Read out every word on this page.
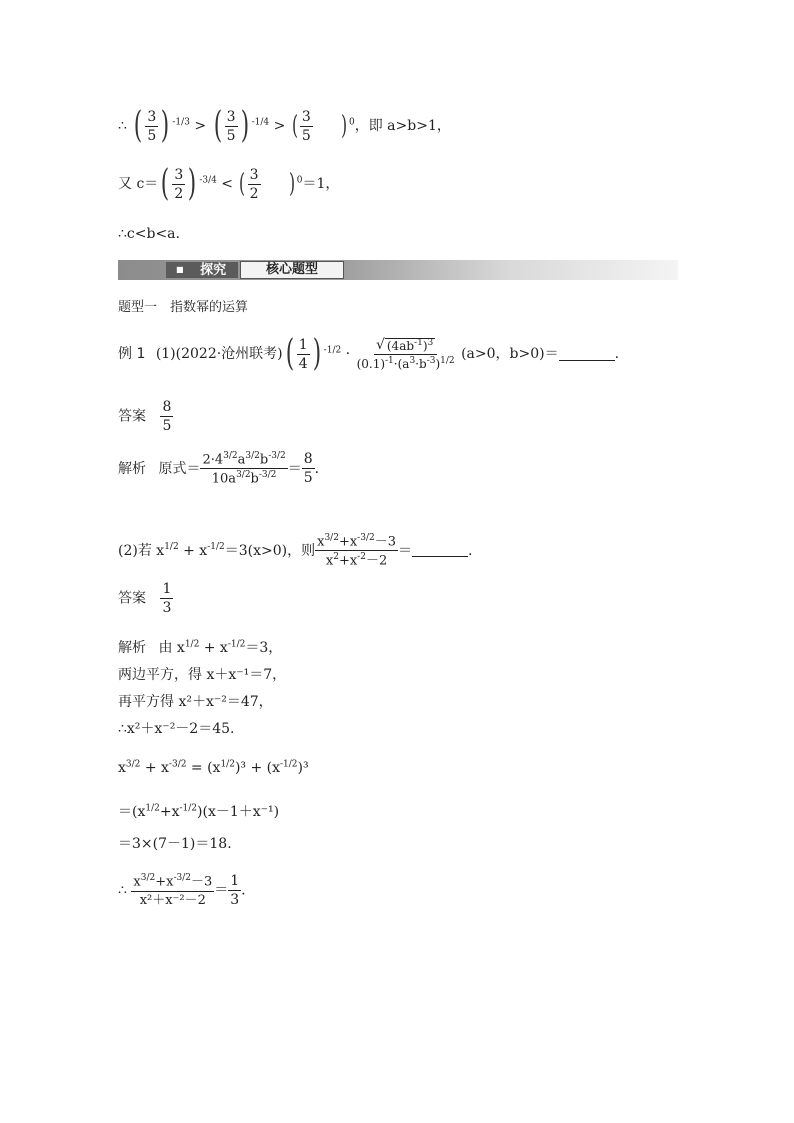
∴ ( $\frac{3}{5}$ ) $^{-1/3}$ > ( $\frac{3}{5}$ ) $^{-1/4}$ > ( $\frac{3}{5}$ ) $^0$，即 a>b>1，
又 $c=( \frac{3}{2}$ ) $^{-3/4}$ < ( $\frac{3}{2}$ ) $^0$＝1，
∴c<b<a.
■ 探究	核心题型
题型一　指数幂的运算
例 1 (1)(2022·沧州联考)( $\frac{1}{4}$ ) $^{-1/2} \cdot \frac{√ (4ab^{-1})^3}{(0.1)^{-1}\cdot(a^3\cdot b^{-3})^{1/2}} (a>0$，b>0)＝	.
答案 $\frac{8}{5}$
解析 原式＝ $\frac{2\cdot 4^{3/2}a^{3/2}b^{-3/2}}{10a^{3/2}b^{-3/2}} = \frac{8}{5}$ .
(2)若 $x^{1/2} + x^{-1/2}=3(x>0)$，则 $\frac{x^{3/2}+x^{-3/2}-3}{x^2+x^{-2}-2}$ ＝	.
答案 $\frac{1}{3}$
解析 由 $x^{1/2} + x^{-1/2}=3$，
两边平方，得 x＋x⁻¹＝7，
再平方得 x²＋x⁻²＝47，
∴x²＋x⁻²－2＝45.
$x^{3/2} + x^{-3/2} = (x^{1/2})^3 + (x^{-1/2})^3$
$=(x^{1/2}+x^{-1/2})(x-1+x^{-1})$
＝3×(7－1)＝18.
∴ $\frac{x^{3/2}+x^{-3/2}-3}{\text{x²＋x⁻²－2}} = \frac{1}{3}$ .
